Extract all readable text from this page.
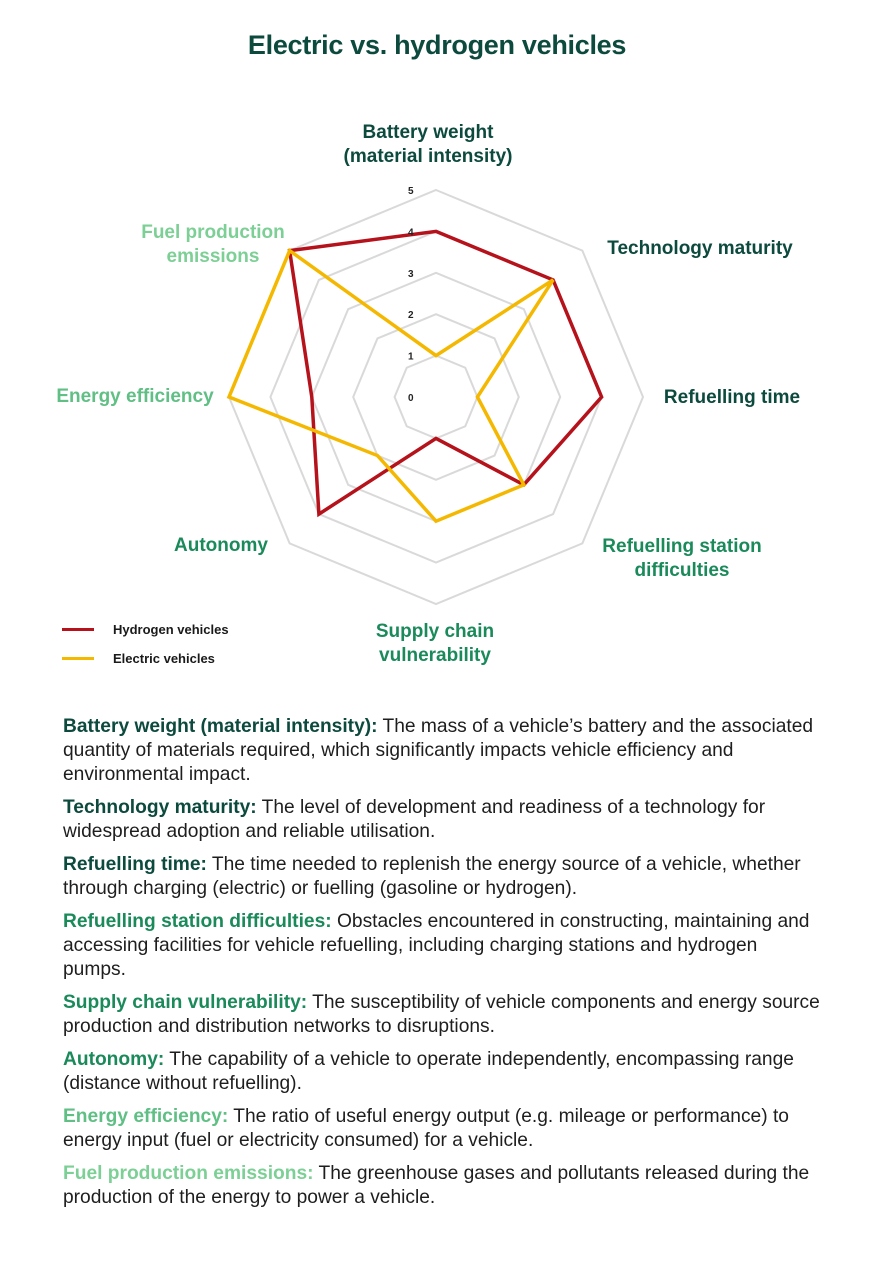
Electric vs. hydrogen vehicles
0
1
2
3
4
5
Battery weight (material intensity)
Technology maturity
Refuelling time
Refuelling station difficulties
Supply chain vulnerability
Autonomy
Energy efficiency
Fuel production emissions
Hydrogen vehicles
Electric vehicles

Battery weight (material intensity): The mass of a vehicle’s battery and the associated quantity of materials required, which significantly impacts vehicle efficiency and environmental impact.

Technology maturity: The level of development and readiness of a technology for widespread adoption and reliable utilisation.

Refuelling time: The time needed to replenish the energy source of a vehicle, whether through charging (electric) or fuelling (gasoline or hydrogen).

Refuelling station difficulties: Obstacles encountered in constructing, maintaining and accessing facilities for vehicle refuelling, including charging stations and hydrogen pumps.

Supply chain vulnerability: The susceptibility of vehicle components and energy source production and distribution networks to disruptions.

Autonomy: The capability of a vehicle to operate independently, encompassing range (distance without refuelling).

Energy efficiency: The ratio of useful energy output (e.g. mileage or performance) to energy input (fuel or electricity consumed) for a vehicle.

Fuel production emissions: The greenhouse gases and pollutants released during the production of the energy to power a vehicle.
